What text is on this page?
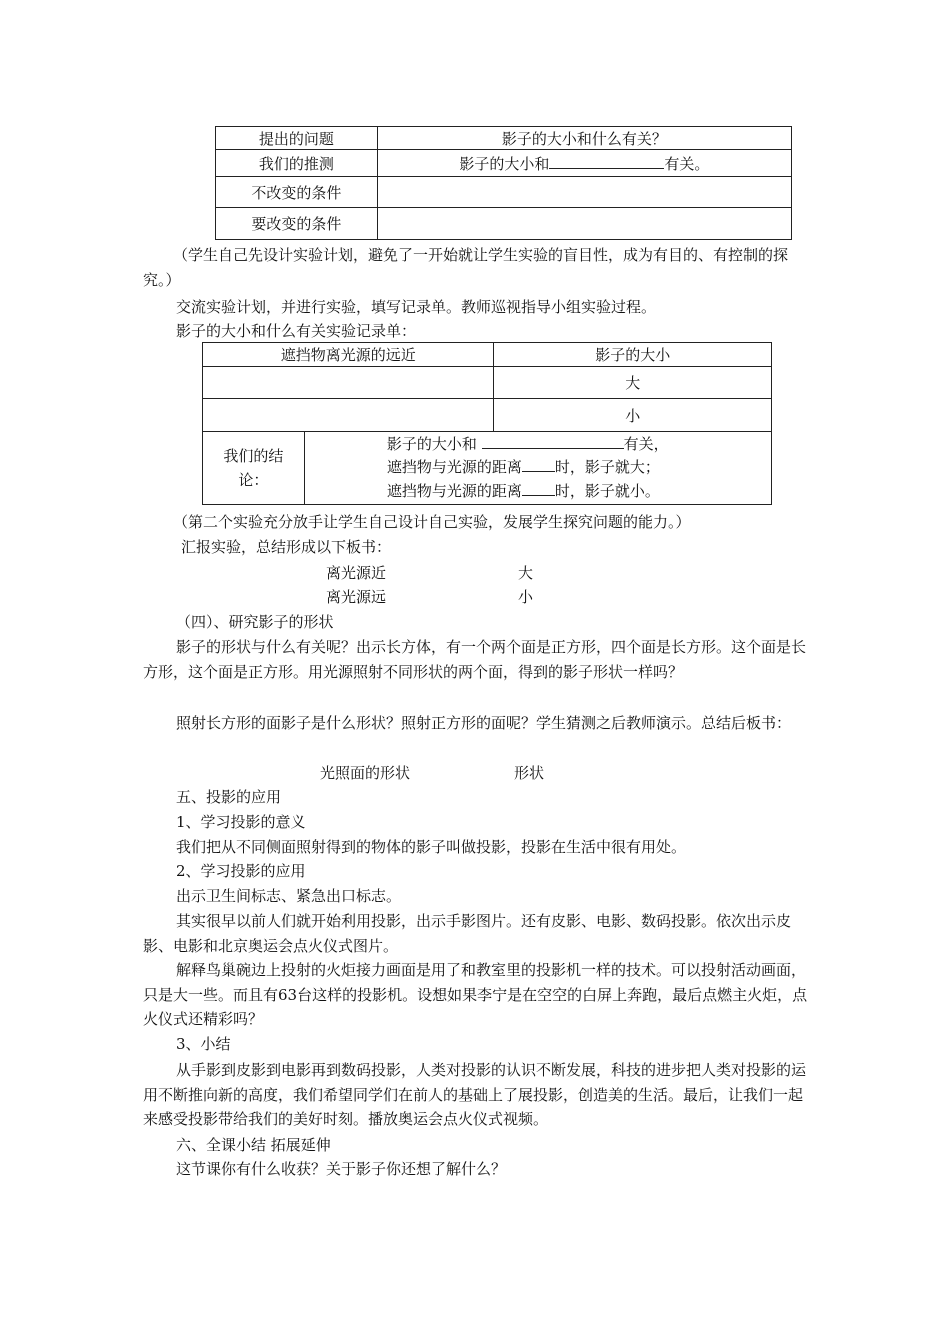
提出的问题	影子的大小和什么有关？
我们的推测	影子的大小和 有关。
不改变的条件	
要改变的条件	
（学生自己先设计实验计划，避免了一开始就让学生实验的盲目性，成为有目的、有控制的探究。）
交流实验计划，并进行实验，填写记录单。教师巡视指导小组实验过程。
影子的大小和什么有关实验记录单：
遮挡物离光源的远近		影子的大小
		大
		小
我们的结论：	影子的大小和 有关，
遮挡物与光源的距离 时，影子就大；
遮挡物与光源的距离 时，影子就小。	
（第二个实验充分放手让学生自己设计自己实验，发展学生探究问题的能力。）
汇报实验，总结形成以下板书：
离光源近	大
离光源远	小
（四）、研究影子的形状
影子的形状与什么有关呢？出示长方体，有一个两个面是正方形，四个面是长方形。这个面是长方形，这个面是正方形。用光源照射不同形状的两个面，得到的影子形状一样吗？
照射长方形的面影子是什么形状？照射正方形的面呢？学生猜测之后教师演示。总结后板书：
光照面的形状	形状
五、投影的应用
1、学习投影的意义
我们把从不同侧面照射得到的物体的影子叫做投影，投影在生活中很有用处。
2、学习投影的应用
出示卫生间标志、紧急出口标志。
其实很早以前人们就开始利用投影，出示手影图片。还有皮影、电影、数码投影。依次出示皮影、电影和北京奥运会点火仪式图片。
解释鸟巢碗边上投射的火炬接力画面是用了和教室里的投影机一样的技术。可以投射活动画面，只是大一些。而且有63台这样的投影机。设想如果李宁是在空空的白屏上奔跑，最后点燃主火炬，点火仪式还精彩吗？
3、小结
从手影到皮影到电影再到数码投影，人类对投影的认识不断发展，科技的进步把人类对投影的运用不断推向新的高度，我们希望同学们在前人的基础上了展投影，创造美的生活。最后，让我们一起来感受投影带给我们的美好时刻。播放奥运会点火仪式视频。
六、全课小结 拓展延伸
这节课你有什么收获？关于影子你还想了解什么？
